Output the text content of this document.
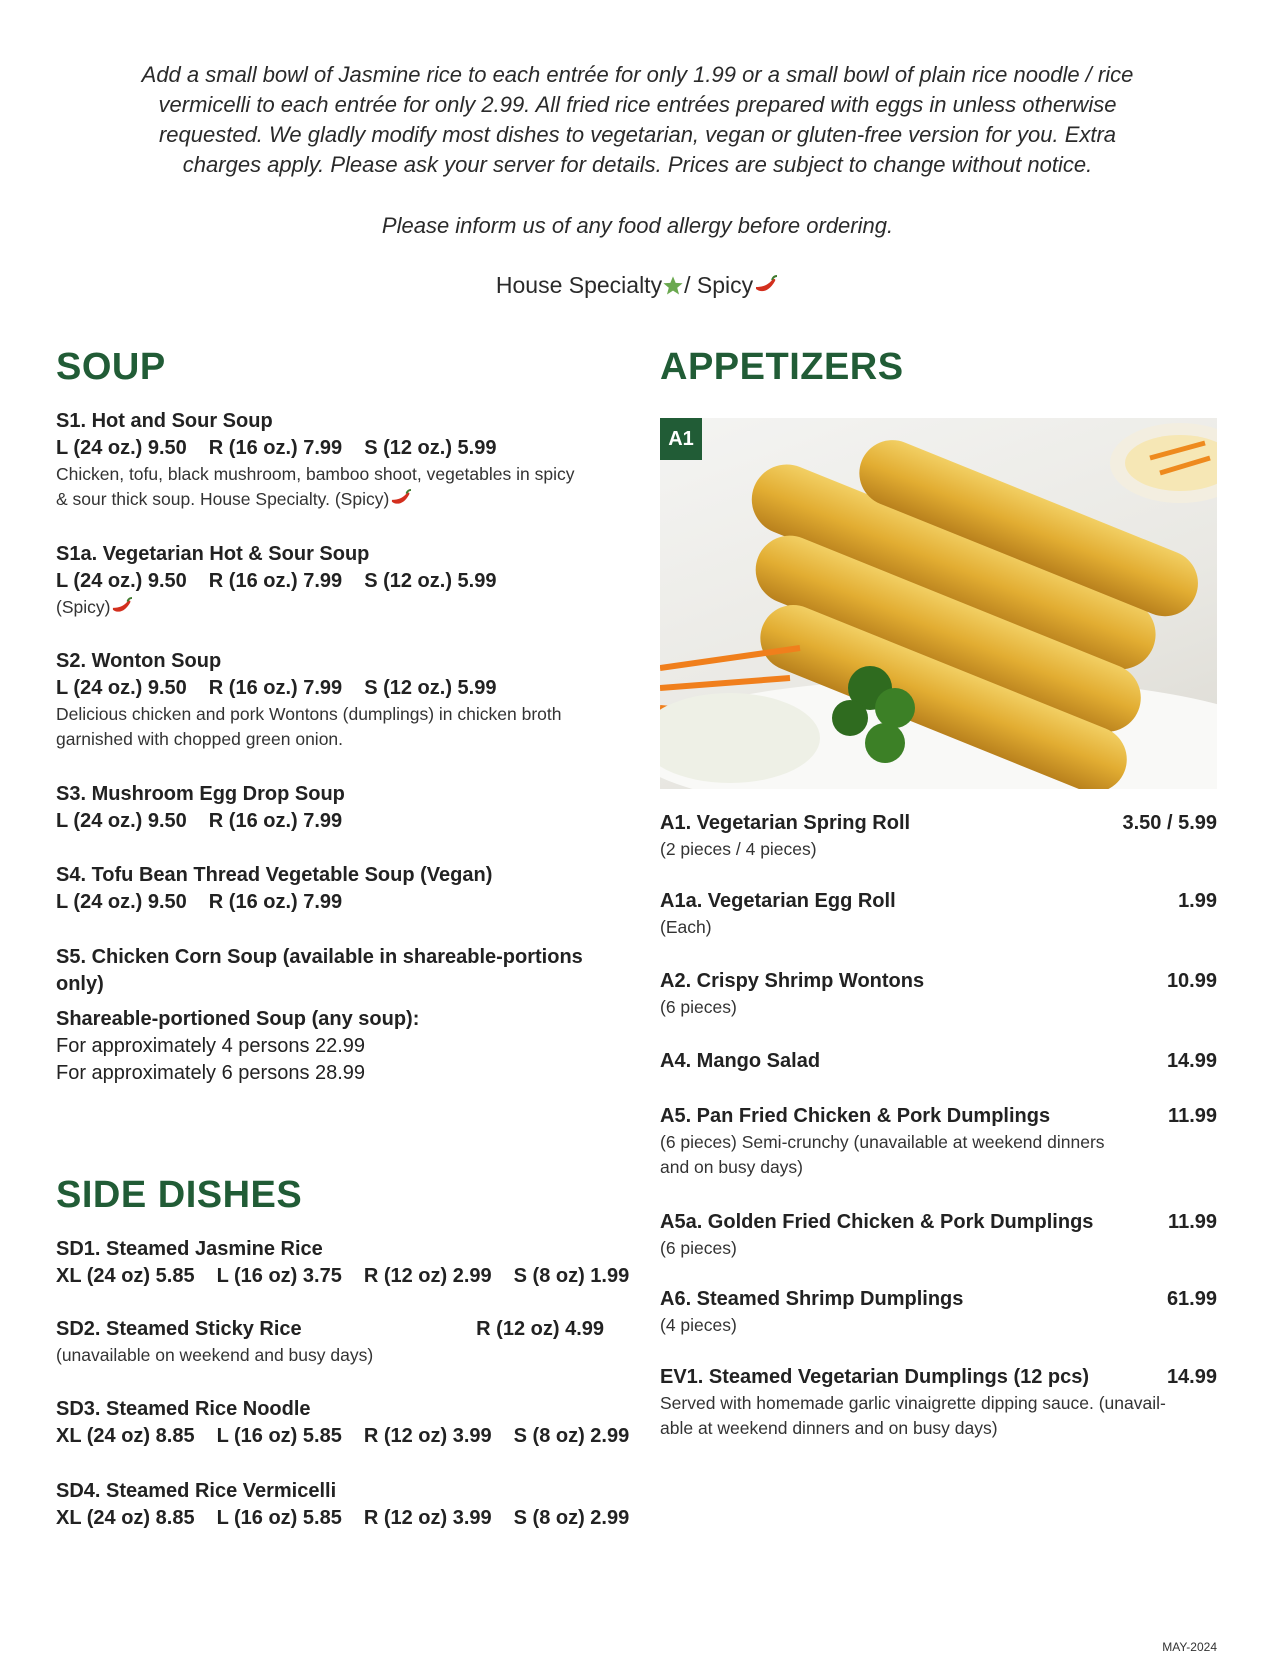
Add a small bowl of Jasmine rice to each entrée for only 1.99 or a small bowl of plain rice noodle / rice
vermicelli to each entrée for only 2.99. All fried rice entrées prepared with eggs in unless otherwise
requested. We gladly modify most dishes to vegetarian, vegan or gluten-free version for you. Extra
charges apply. Please ask your server for details. Prices are subject to change without notice.
Please inform us of any food allergy before ordering.
House Specialty / Spicy
SOUP
S1. Hot and Sour Soup
L (24 oz.) 9.50 R (16 oz.) 7.99 S (12 oz.) 5.99
Chicken, tofu, black mushroom, bamboo shoot, vegetables in spicy
& sour thick soup. House Specialty. (Spicy)
S1a. Vegetarian Hot & Sour Soup
L (24 oz.) 9.50 R (16 oz.) 7.99 S (12 oz.) 5.99
(Spicy)
S2. Wonton Soup
L (24 oz.) 9.50 R (16 oz.) 7.99 S (12 oz.) 5.99
Delicious chicken and pork Wontons (dumplings) in chicken broth
garnished with chopped green onion.
S3. Mushroom Egg Drop Soup
L (24 oz.) 9.50 R (16 oz.) 7.99
S4. Tofu Bean Thread Vegetable Soup (Vegan)
L (24 oz.) 9.50 R (16 oz.) 7.99
S5. Chicken Corn Soup (available in shareable-portions only)
Shareable-portioned Soup (any soup):
For approximately 4 persons 22.99
For approximately 6 persons 28.99
SIDE DISHES
SD1. Steamed Jasmine Rice
XL (24 oz) 5.85 L (16 oz) 3.75 R (12 oz) 2.99 S (8 oz) 1.99
SD2. Steamed Sticky Rice	R (12 oz) 4.99
(unavailable on weekend and busy days)
SD3. Steamed Rice Noodle
XL (24 oz) 8.85 L (16 oz) 5.85 R (12 oz) 3.99 S (8 oz) 2.99
SD4. Steamed Rice Vermicelli
XL (24 oz) 8.85 L (16 oz) 5.85 R (12 oz) 3.99 S (8 oz) 2.99
APPETIZERS
A1
A1. Vegetarian Spring Roll	3.50 / 5.99
(2 pieces / 4 pieces)
A1a. Vegetarian Egg Roll	1.99
(Each)
A2. Crispy Shrimp Wontons	10.99
(6 pieces)
A4. Mango Salad	14.99
A5. Pan Fried Chicken & Pork Dumplings	11.99
(6 pieces) Semi-crunchy (unavailable at weekend dinners
and on busy days)
A5a. Golden Fried Chicken & Pork Dumplings	11.99
(6 pieces)
A6. Steamed Shrimp Dumplings	61.99
(4 pieces)
EV1. Steamed Vegetarian Dumplings (12 pcs)	14.99
Served with homemade garlic vinaigrette dipping sauce. (unavail-
able at weekend dinners and on busy days)
MAY-2024
